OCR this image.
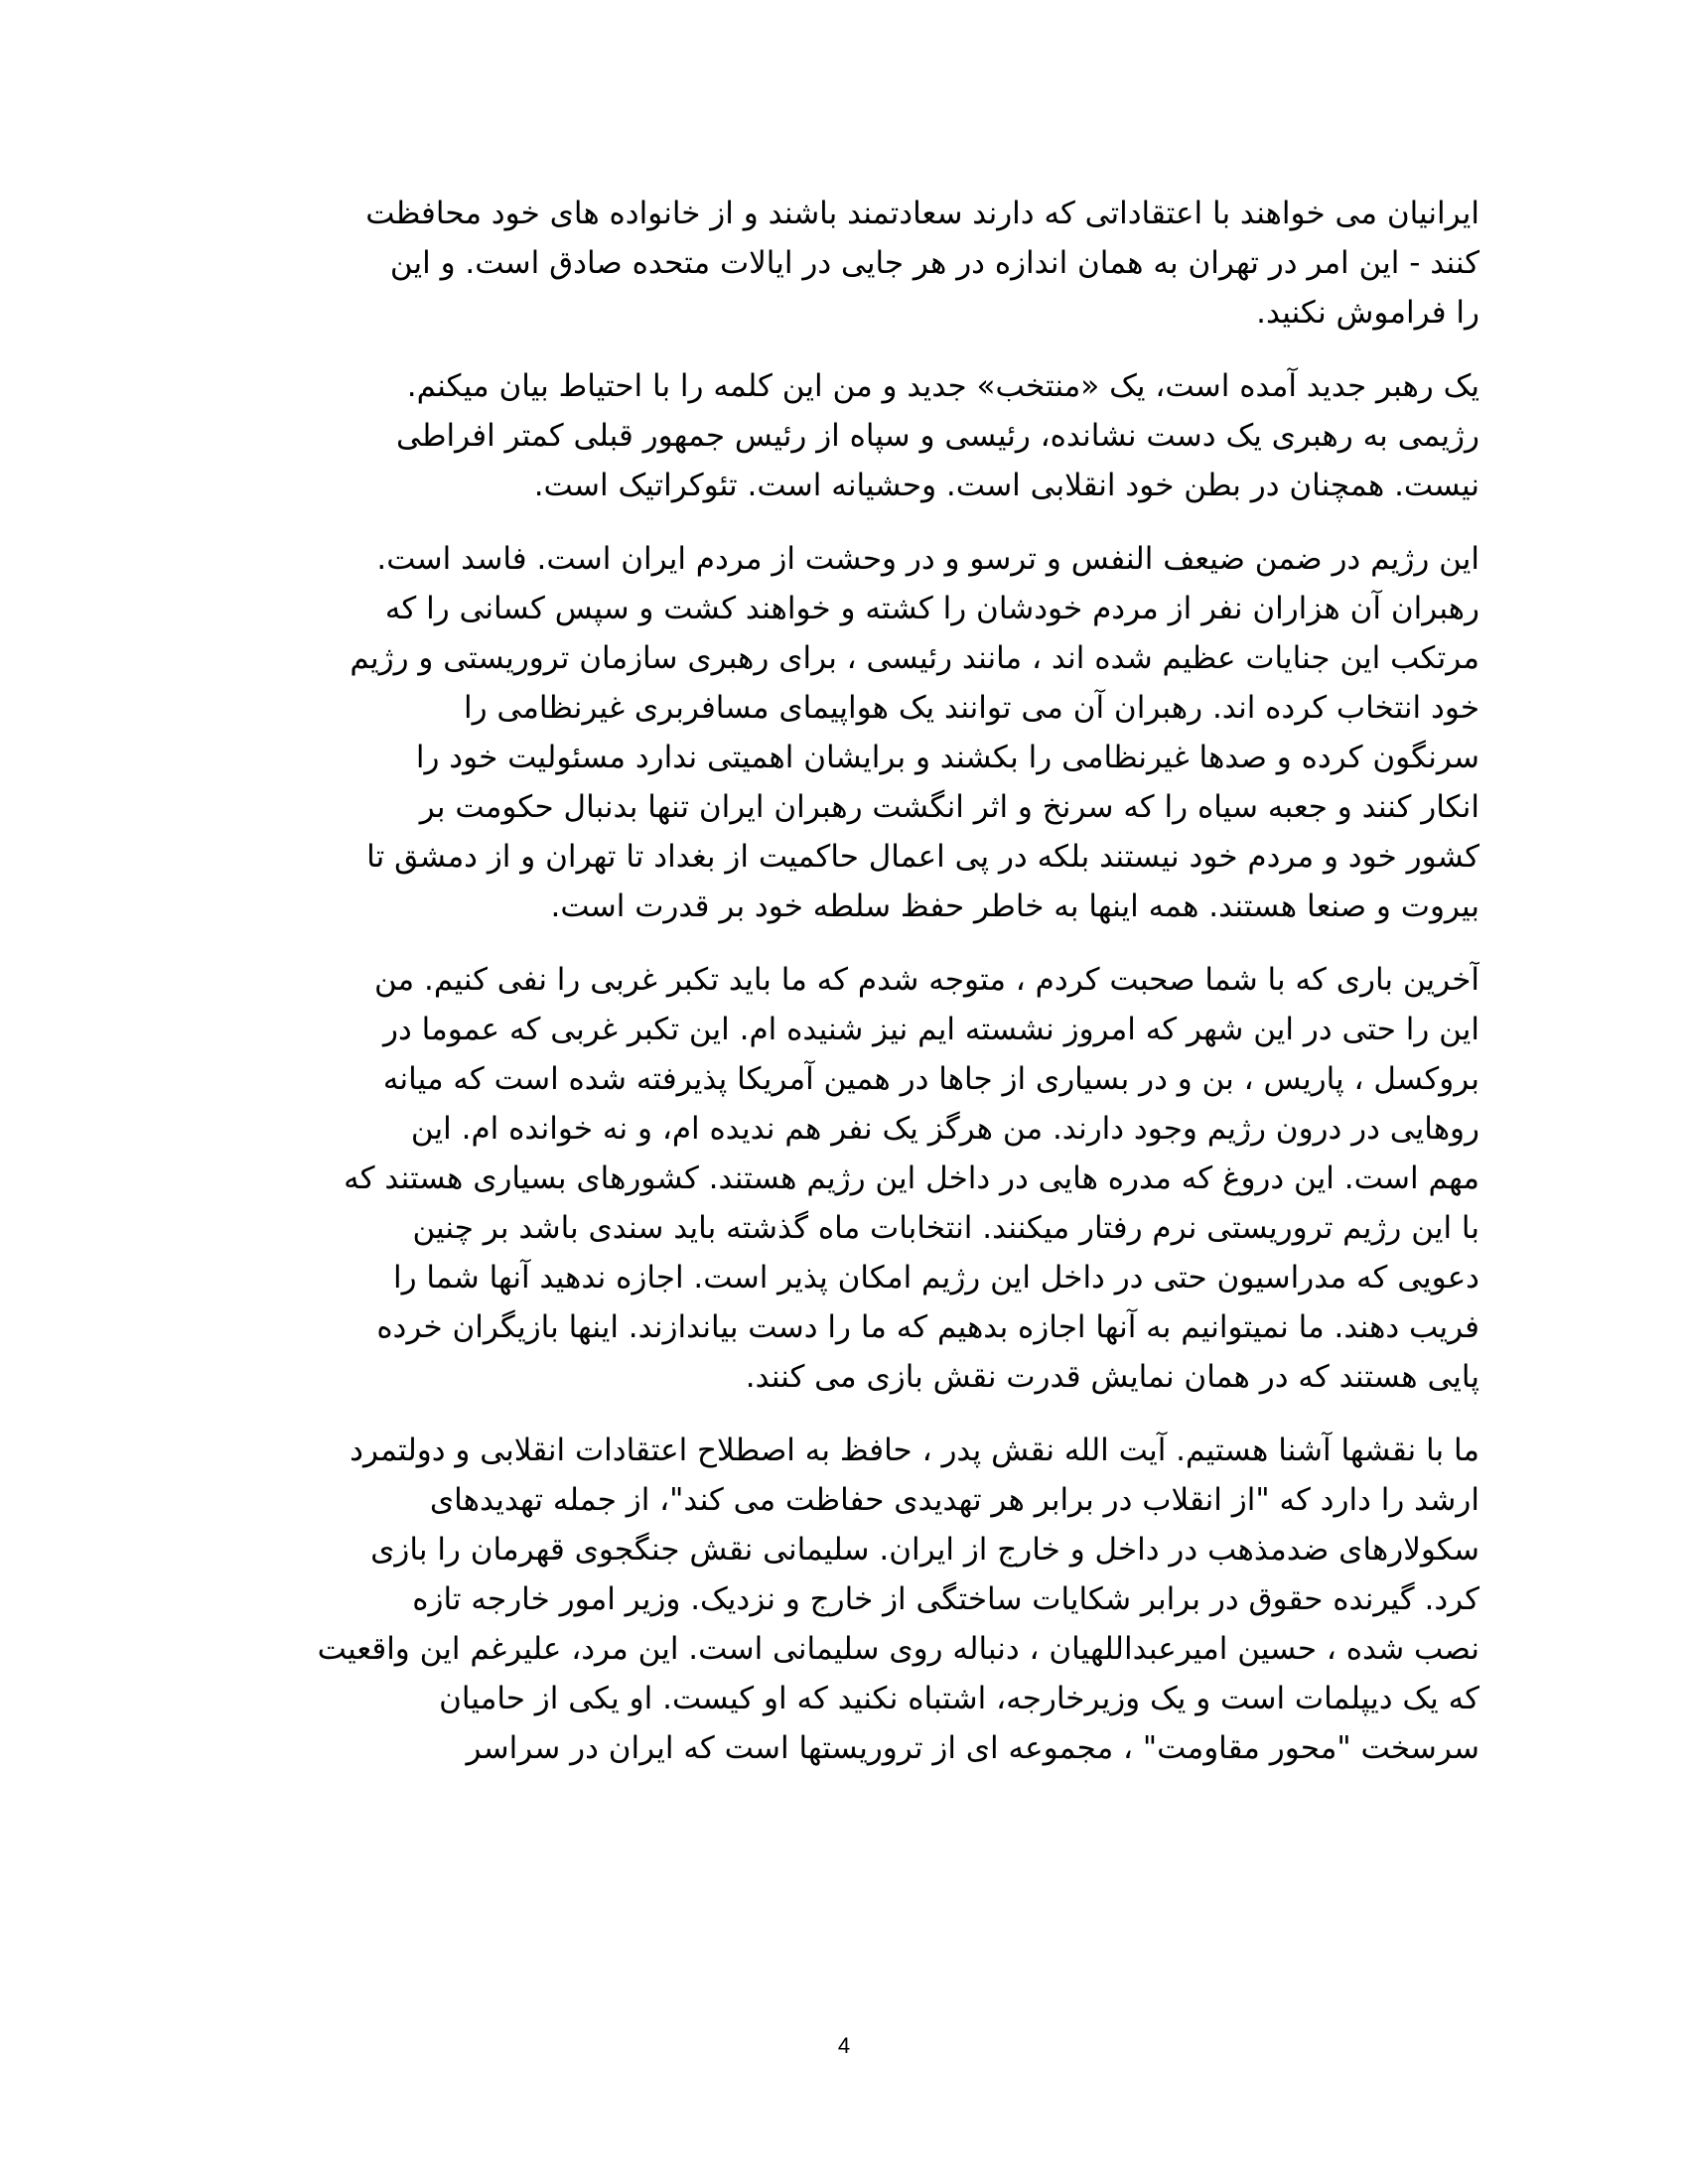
ایرانیان می خواهند با اعتقاداتی که دارند سعادتمند باشند و از خانواده های خود محافظت
کنند - این امر در تهران به همان اندازه در هر جایی در ایالات متحده صادق است. و این
را فراموش نکنید.
یک رهبر جدید آمده است، یک «منتخب» جدید و من این کلمه را با احتیاط بیان میکنم.
رژیمی به رهبری یک دست نشانده، رئیسی و سپاه از رئیس جمهور قبلی کمتر افراطی
نیست. همچنان در بطن خود انقلابی است. وحشیانه است. تئوکراتیک است.
این رژیم در ضمن ضیعف النفس و ترسو و در وحشت از مردم ایران است. فاسد است.
رهبران آن هزاران نفر از مردم خودشان را کشته و خواهند کشت و سپس کسانی را که
مرتکب این جنایات عظیم شده اند ، مانند رئیسی ، برای رهبری سازمان تروریستی و رژیم
خود انتخاب کرده اند. رهبران آن می توانند یک هواپیمای مسافربری غیرنظامی را
سرنگون کرده و صدها غیرنظامی را بکشند و برایشان اهمیتی ندارد مسئولیت خود را
انکار کنند و جعبه سیاه را که سرنخ و اثر انگشت رهبران ایران تنها بدنبال حکومت بر
کشور خود و مردم خود نیستند بلکه در پی اعمال حاکمیت از بغداد تا تهران و از دمشق تا
بیروت و صنعا هستند. همه اینها به خاطر حفظ سلطه خود بر قدرت است.
آخرین باری که با شما صحبت کردم ، متوجه شدم که ما باید تکبر غربی را نفی کنیم. من
این را حتی در این شهر که امروز نشسته ایم نیز شنیده ام. این تکبر غربی که عموما در
بروکسل ، پاریس ، بن و در بسیاری از جاها در همین آمریکا پذیرفته شده است که میانه
روهایی در درون رژیم وجود دارند. من هرگز یک نفر هم ندیده ام، و نه خوانده ام. این
مهم است. این دروغ که مدره هایی در داخل این رژیم هستند. کشورهای بسیاری هستند که
با این رژیم تروریستی نرم رفتار میکنند. انتخابات ماه گذشته باید سندی باشد بر چنین
دعویی که مدراسیون حتی در داخل این رژیم امکان پذیر است. اجازه ندهید آنها شما را
فریب دهند. ما نمیتوانیم به آنها اجازه بدهیم که ما را دست بیاندازند. اینها بازیگران خرده
پایی هستند که در همان نمایش قدرت نقش بازی می کنند.
ما با نقشها آشنا هستیم. آیت الله نقش پدر ، حافظ به اصطلاح اعتقادات انقلابی و دولتمرد
ارشد را دارد که "از انقلاب در برابر هر تهدیدی حفاظت می کند"، از جمله تهدیدهای
سکولارهای ضدمذهب در داخل و خارج از ایران. سلیمانی نقش جنگجوی قهرمان را بازی
کرد. گیرنده حقوق در برابر شکایات ساختگی از خارج و نزدیک. وزیر امور خارجه تازه
نصب شده ، حسین امیرعبداللهیان ، دنباله روی سلیمانی است. این مرد، علیرغم این واقعیت
که یک دیپلمات است و یک وزیرخارجه، اشتباه نکنید که او کیست. او یکی از حامیان
سرسخت "محور مقاومت" ، مجموعه ای از تروریستها است که ایران در سراسر
4
